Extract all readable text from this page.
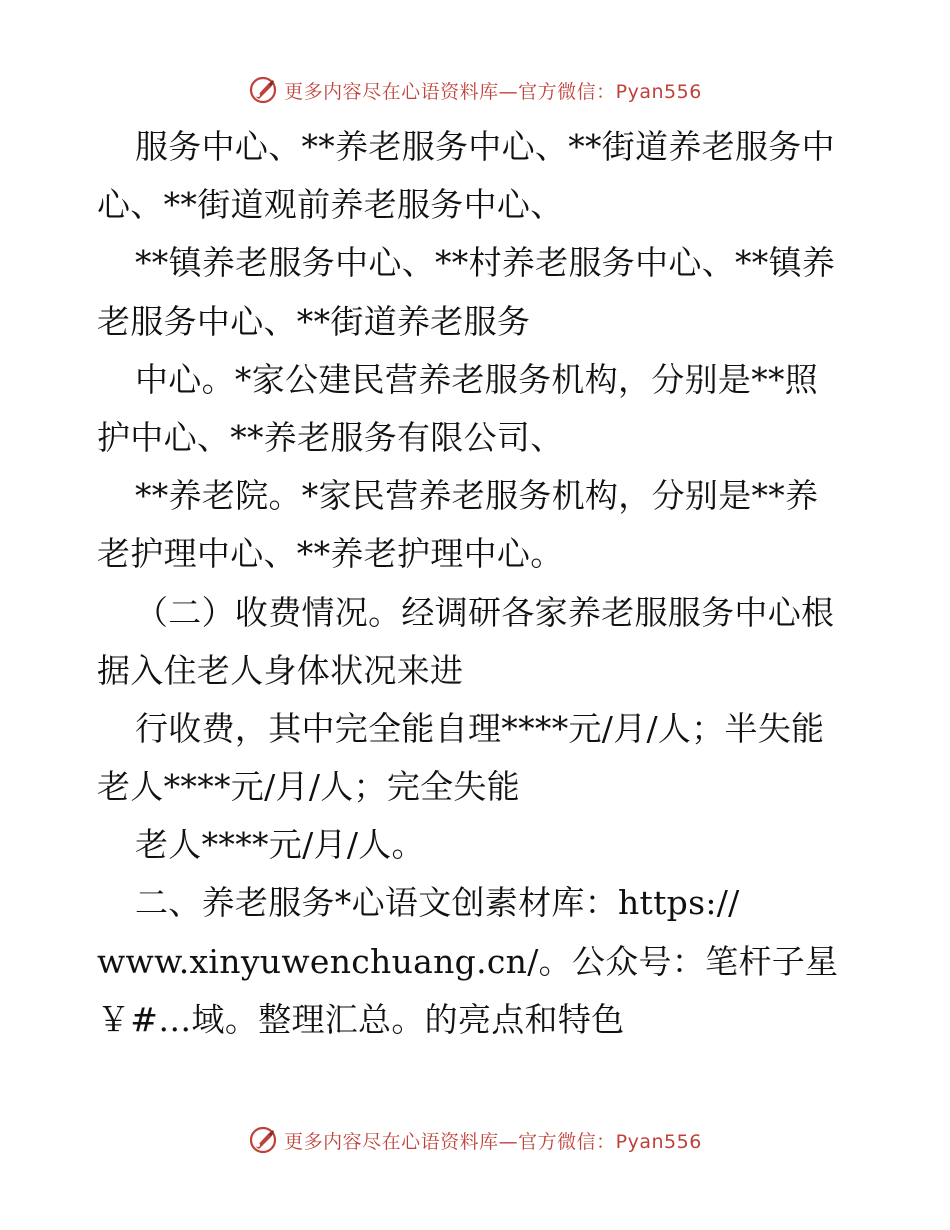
更多内容尽在心语资料库—官方微信：Pyan556
服务中心、**养老服务中心、**街道养老服务中
心、**街道观前养老服务中心、
**镇养老服务中心、**村养老服务中心、**镇养
老服务中心、**街道养老服务
中心。*家公建民营养老服务机构，分别是**照
护中心、**养老服务有限公司、
**养老院。*家民营养老服务机构，分别是**养
老护理中心、**养老护理中心。
（二）收费情况。经调研各家养老服服务中心根
据入住老人身体状况来进
行收费，其中完全能自理****元/月/人；半失能
老人****元/月/人；完全失能
老人****元/月/人。
二、养老服务*心语文创素材库：https://
www.xinyuwenchuang.cn/。公众号：笔杆子星
￥#…域。整理汇总。的亮点和特色
更多内容尽在心语资料库—官方微信：Pyan556
